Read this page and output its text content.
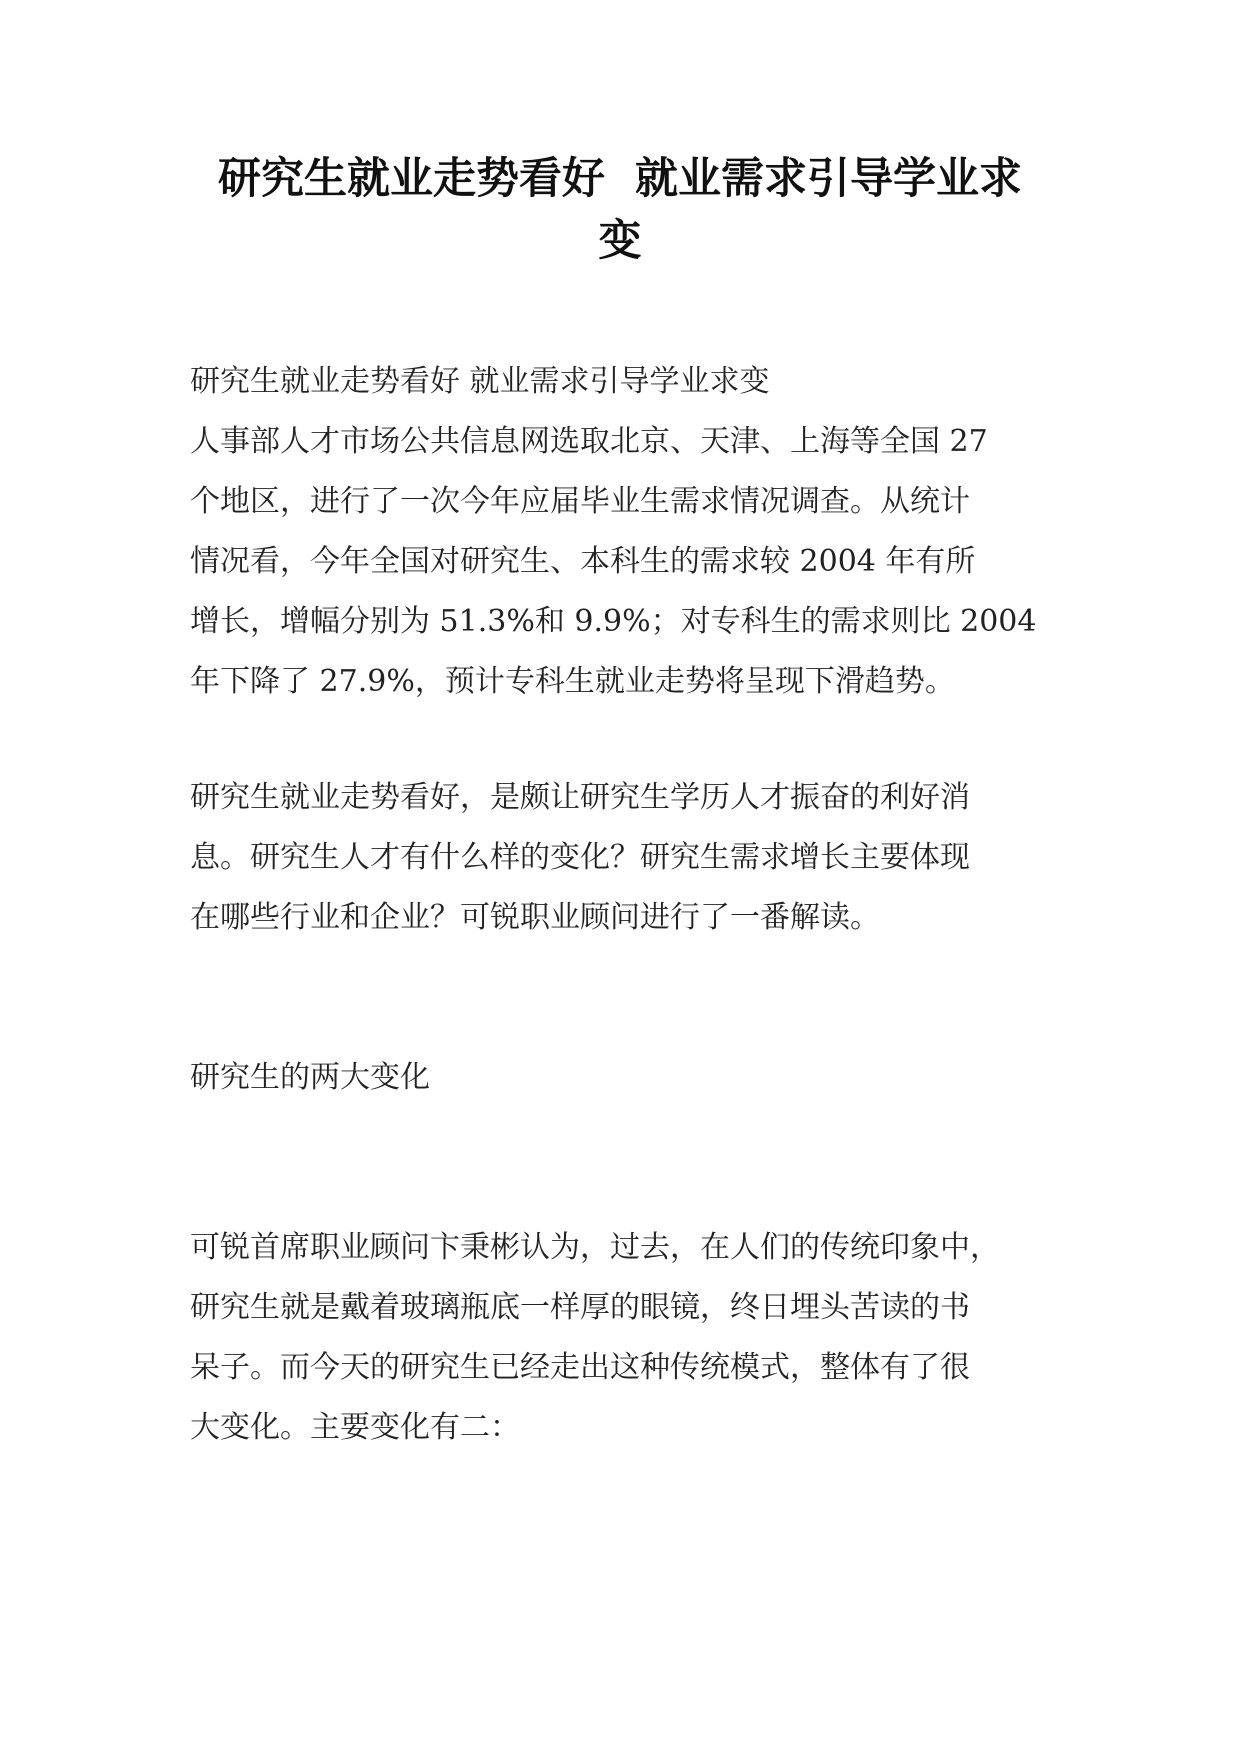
研究生就业走势看好  就业需求引导学业求
变

研究生就业走势看好 就业需求引导学业求变

人事部人才市场公共信息网选取北京、天津、上海等全国 27
个地区，进行了一次今年应届毕业生需求情况调查。从统计
情况看，今年全国对研究生、本科生的需求较 2004 年有所
增长，增幅分别为 51.3%和 9.9%；对专科生的需求则比 2004
年下降了 27.9%，预计专科生就业走势将呈现下滑趋势。

研究生就业走势看好，是颇让研究生学历人才振奋的利好消
息。研究生人才有什么样的变化？研究生需求增长主要体现
在哪些行业和企业？可锐职业顾问进行了一番解读。

研究生的两大变化

可锐首席职业顾问卞秉彬认为，过去，在人们的传统印象中，
研究生就是戴着玻璃瓶底一样厚的眼镜，终日埋头苦读的书
呆子。而今天的研究生已经走出这种传统模式，整体有了很
大变化。主要变化有二：
